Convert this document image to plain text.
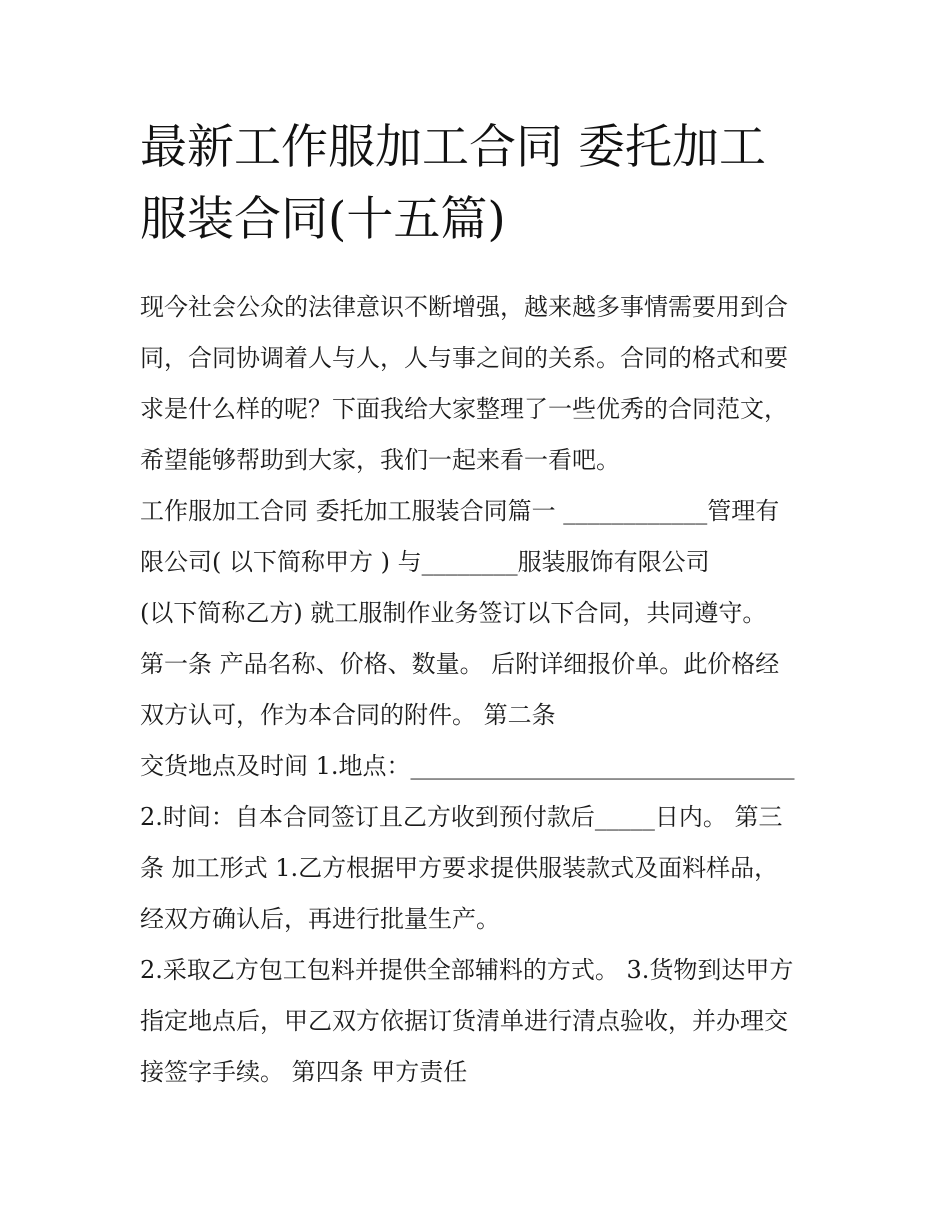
最新工作服加工合同 委托加工
服装合同(十五篇)
现今社会公众的法律意识不断增强，越来越多事情需要用到合
同，合同协调着人与人，人与事之间的关系。合同的格式和要
求是什么样的呢？下面我给大家整理了一些优秀的合同范文，
希望能够帮助到大家，我们一起来看一看吧。
工作服加工合同 委托加工服装合同篇一 ____________管理有
限公司( 以下简称甲方 ) 与________服装服饰有限公司
(以下简称乙方) 就工服制作业务签订以下合同，共同遵守。
第一条 产品名称、价格、数量。 后附详细报价单。此价格经
双方认可，作为本合同的附件。 第二条
交货地点及时间 1.地点：________________________________
2.时间：自本合同签订且乙方收到预付款后_____日内。 第三
条 加工形式 1.乙方根据甲方要求提供服装款式及面料样品，
经双方确认后，再进行批量生产。
2.采取乙方包工包料并提供全部辅料的方式。 3.货物到达甲方
指定地点后，甲乙双方依据订货清单进行清点验收，并办理交
接签字手续。 第四条 甲方责任
